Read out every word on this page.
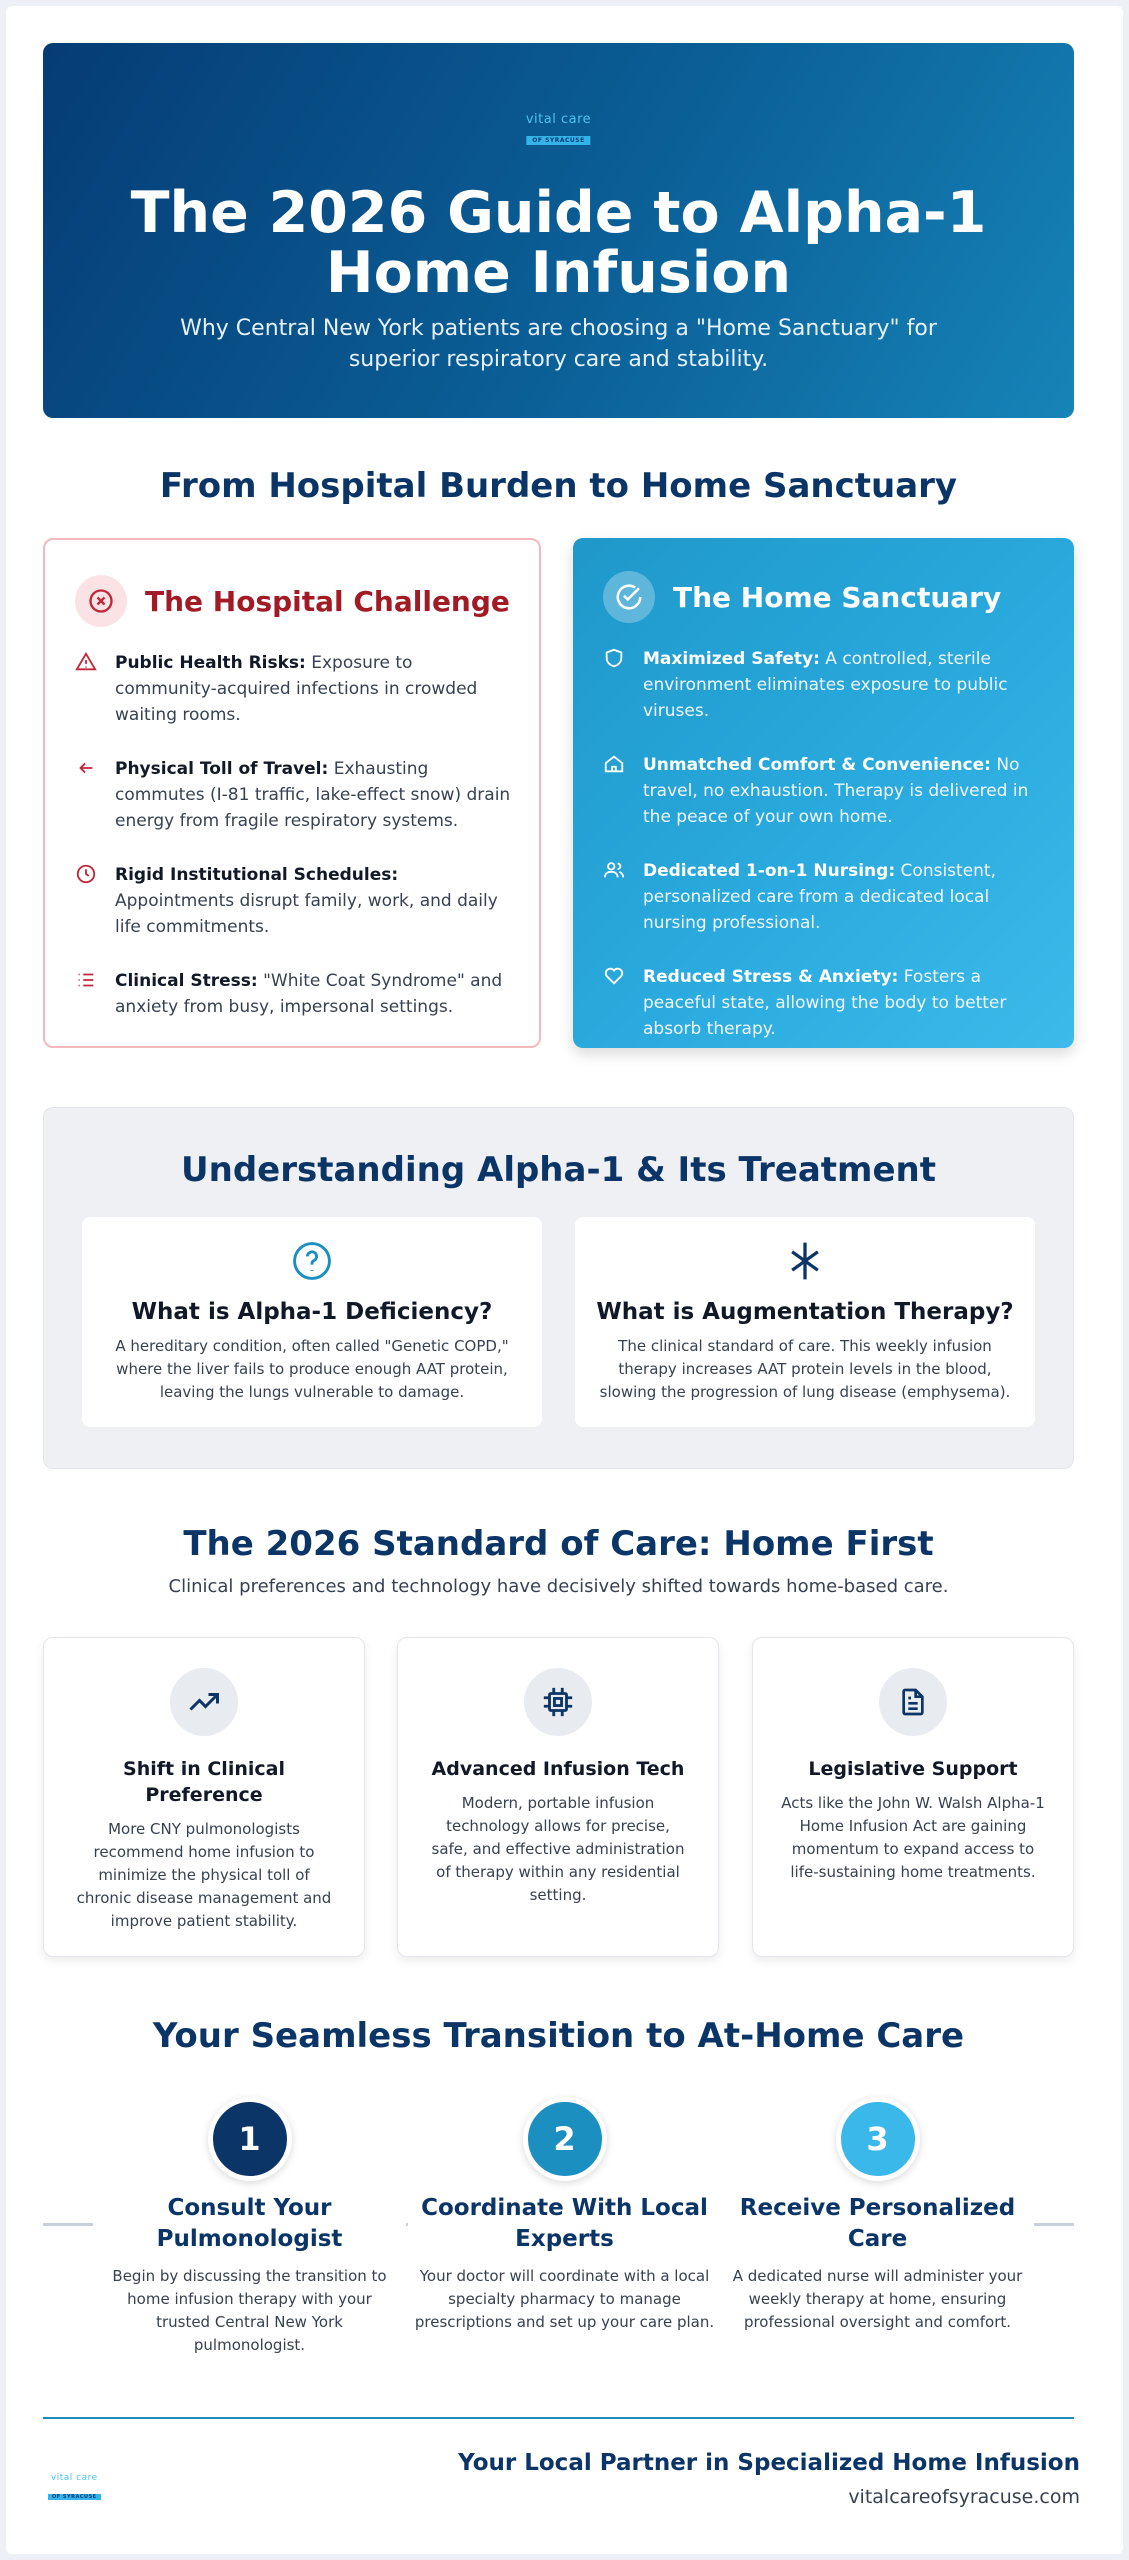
vital care
OF SYRACUSE
The 2026 Guide to Alpha-1 Home Infusion

Why Central New York patients are choosing a "Home Sanctuary" for superior respiratory care and stability.

From Hospital Burden to Home Sanctuary
The Hospital Challenge
Public Health Risks: Exposure to community-acquired infections in crowded waiting rooms.
Physical Toll of Travel: Exhausting commutes (I-81 traffic, lake-effect snow) drain energy from fragile respiratory systems.
Rigid Institutional Schedules: Appointments disrupt family, work, and daily life commitments.
Clinical Stress: "White Coat Syndrome" and anxiety from busy, impersonal settings.
The Home Sanctuary
Maximized Safety: A controlled, sterile environment eliminates exposure to public viruses.
Unmatched Comfort & Convenience: No travel, no exhaustion. Therapy is delivered in the peace of your own home.
Dedicated 1-on-1 Nursing: Consistent, personalized care from a dedicated local nursing professional.
Reduced Stress & Anxiety: Fosters a peaceful state, allowing the body to better absorb therapy.
Understanding Alpha-1 & Its Treatment
What is Alpha-1 Deficiency?

A hereditary condition, often called "Genetic COPD," where the liver fails to produce enough AAT protein, leaving the lungs vulnerable to damage.

What is Augmentation Therapy?

The clinical standard of care. This weekly infusion therapy increases AAT protein levels in the blood, slowing the progression of lung disease (emphysema).

The 2026 Standard of Care: Home First
Clinical preferences and technology have decisively shifted towards home-based care.
Shift in Clinical Preference

More CNY pulmonologists recommend home infusion to minimize the physical toll of chronic disease management and improve patient stability.

Advanced Infusion Tech

Modern, portable infusion technology allows for precise, safe, and effective administration of therapy within any residential setting.

Legislative Support

Acts like the John W. Walsh Alpha-1 Home Infusion Act are gaining momentum to expand access to life-sustaining home treatments.

Your Seamless Transition to At-Home Care
1
Consult Your Pulmonologist

Begin by discussing the transition to home infusion therapy with your trusted Central New York pulmonologist.

2
Coordinate With Local Experts

Your doctor will coordinate with a local specialty pharmacy to manage prescriptions and set up your care plan.

3
Receive Personalized Care

A dedicated nurse will administer your weekly therapy at home, ensuring professional oversight and comfort.

vital care
OF SYRACUSE
Your Local Partner in Specialized Home Infusion
vitalcareofsyracuse.com
